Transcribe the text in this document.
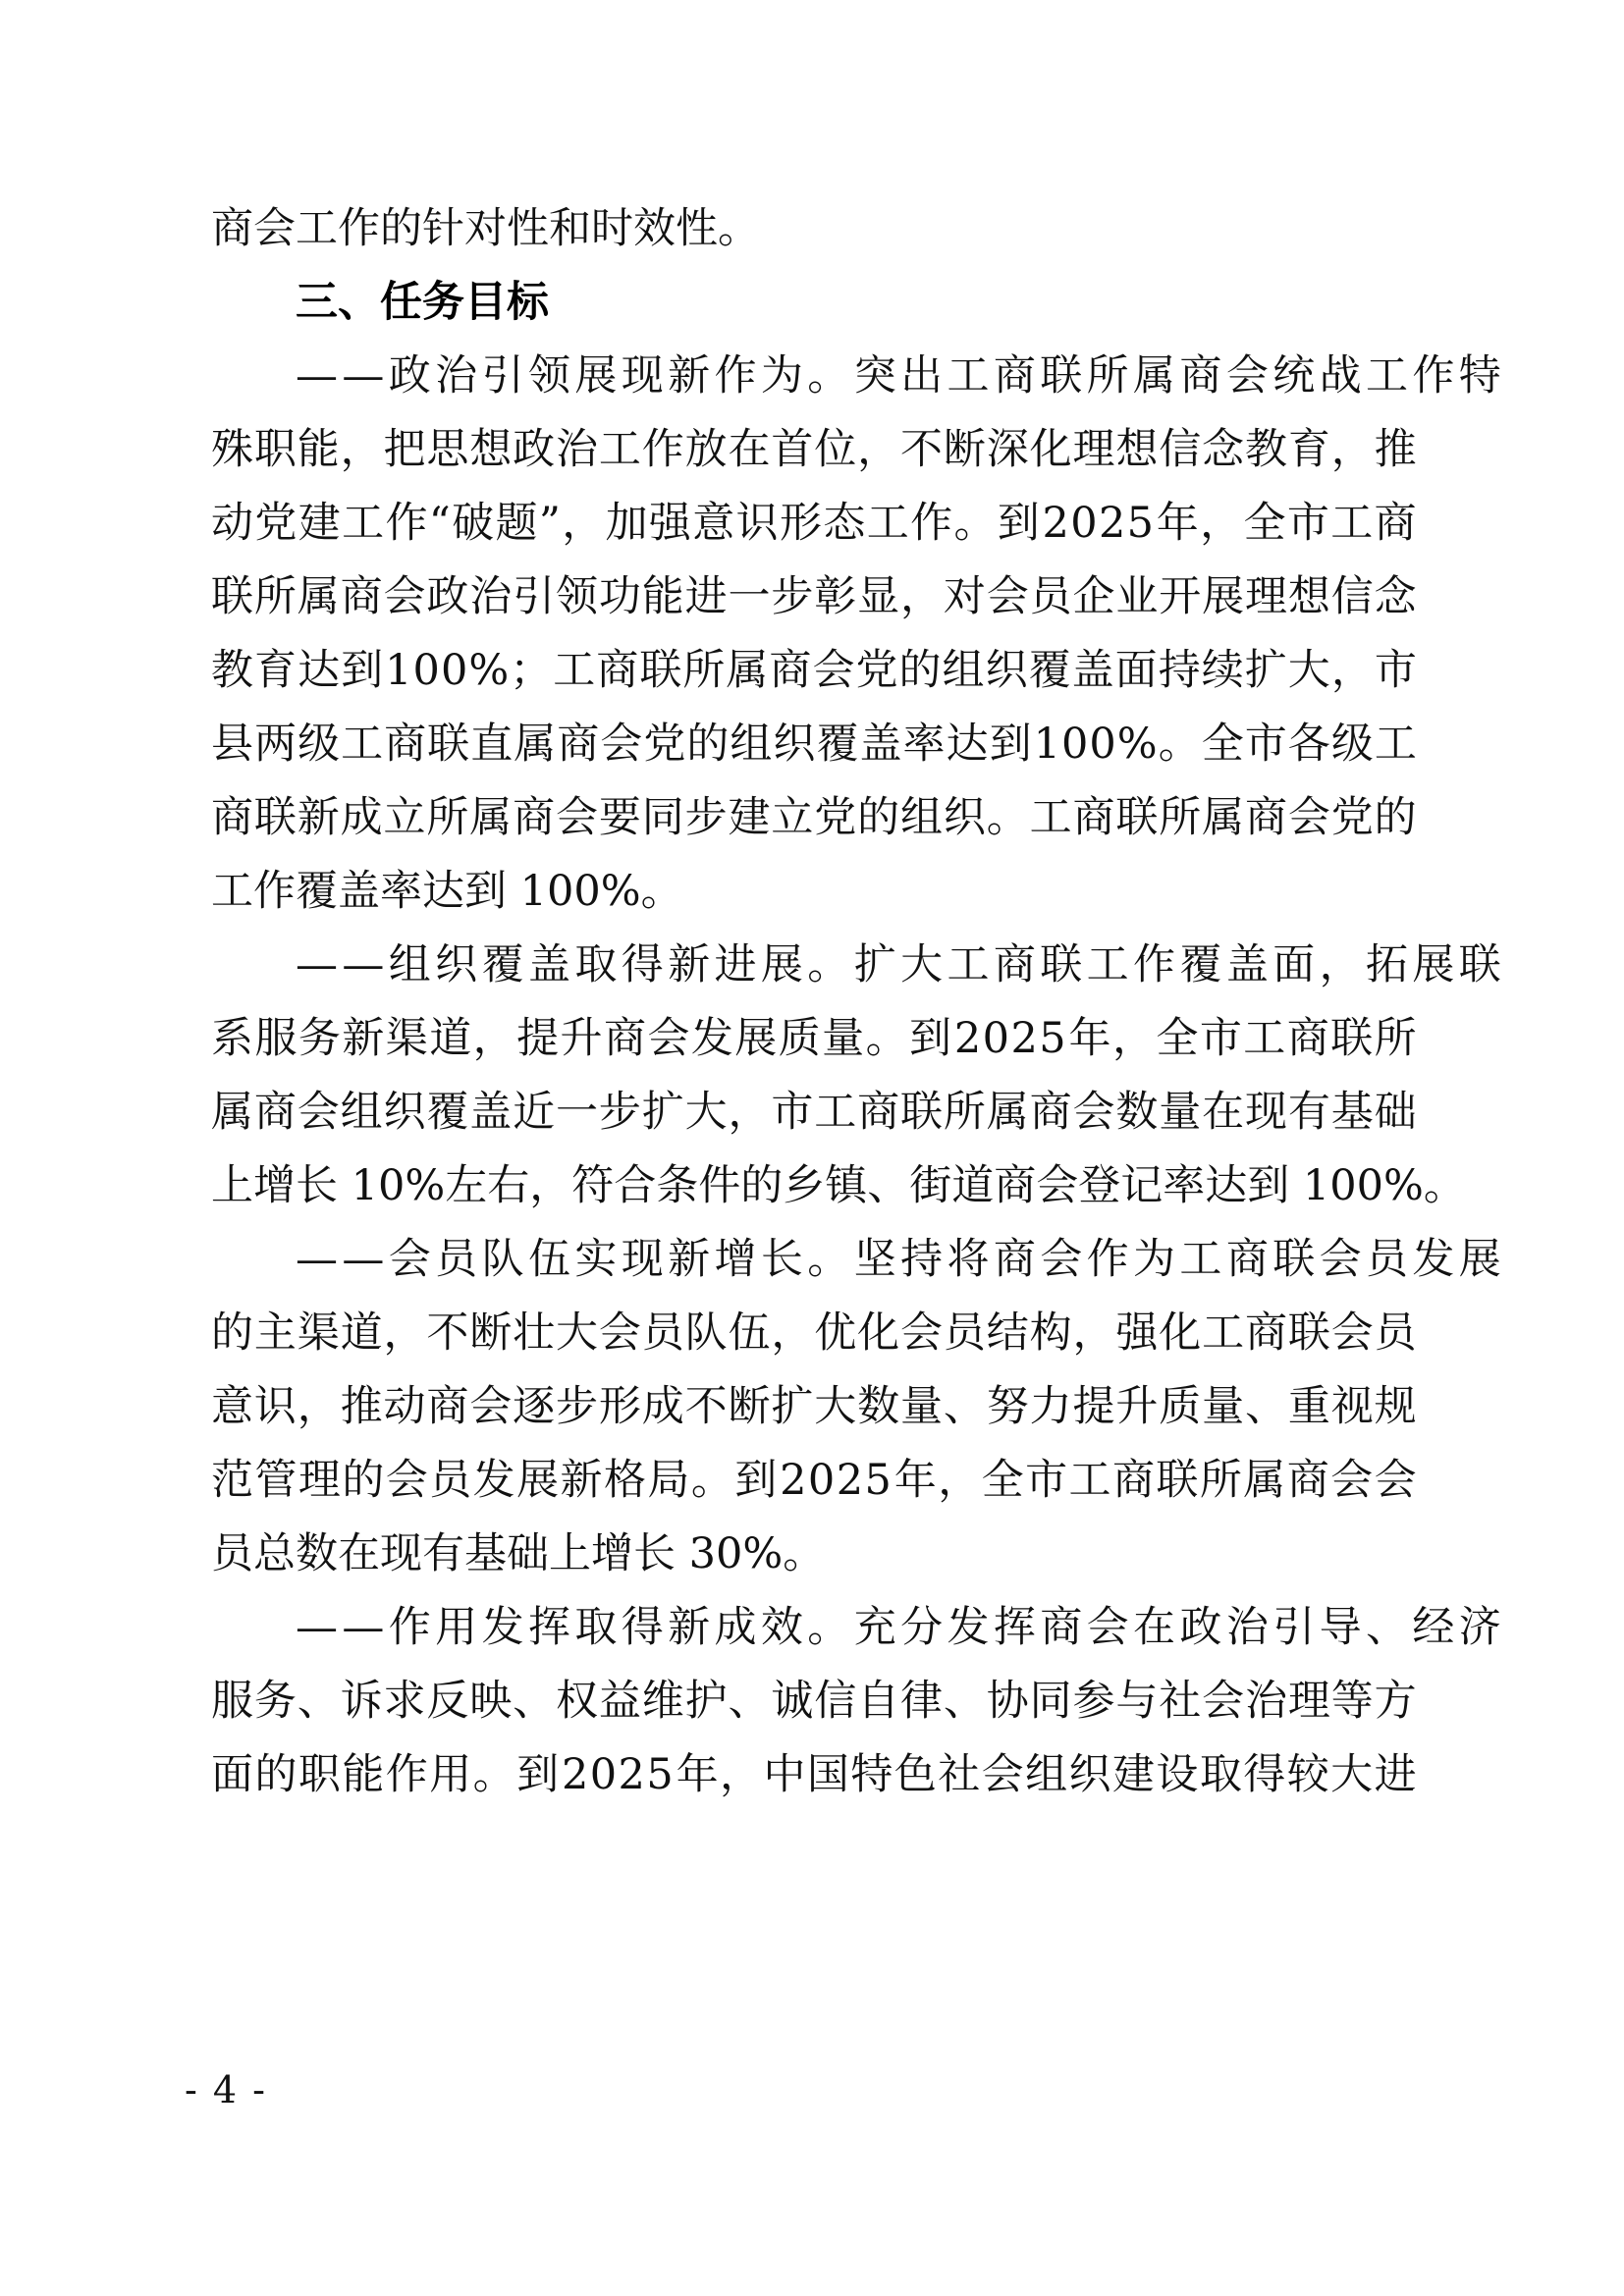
商会工作的针对性和时效性。
三、任务目标
— — 政 治 引 领 展 现 新 作 为 。 突 出 工 商 联 所 属 商 会 统 战 工 作 特
殊 职 能 ， 把 思 想 政 治 工 作 放 在 首 位 ， 不 断 深 化 理 想 信 念 教 育 ， 推
动 党 建 工 作 “ 破 题 ” ， 加 强 意 识 形 态 工 作 。 到 2 0 2 5 年 ， 全 市 工 商
联 所 属 商 会 政 治 引 领 功 能 进 一 步 彰 显 ， 对 会 员 企 业 开 展 理 想 信 念
教 育 达 到 1 0 0 % ； 工 商 联 所 属 商 会 党 的 组 织 覆 盖 面 持 续 扩 大 ， 市
县 两 级 工 商 联 直 属 商 会 党 的 组 织 覆 盖 率 达 到 1 0 0 % 。 全 市 各 级 工
商 联 新 成 立 所 属 商 会 要 同 步 建 立 党 的 组 织 。 工 商 联 所 属 商 会 党 的
工作覆盖率达到 100%。
— — 组 织 覆 盖 取 得 新 进 展 。 扩 大 工 商 联 工 作 覆 盖 面 ， 拓 展 联
系 服 务 新 渠 道 ， 提 升 商 会 发 展 质 量 。 到 2 0 2 5 年 ， 全 市 工 商 联 所
属 商 会 组 织 覆 盖 近 一 步 扩 大 ， 市 工 商 联 所 属 商 会 数 量 在 现 有 基 础
上增长 10%左右，符合条件的乡镇、街道商会登记率达到 100%。
— — 会 员 队 伍 实 现 新 增 长 。 坚 持 将 商 会 作 为 工 商 联 会 员 发 展
的 主 渠 道 ， 不 断 壮 大 会 员 队 伍 ， 优 化 会 员 结 构 ， 强 化 工 商 联 会 员
意 识 ， 推 动 商 会 逐 步 形 成 不 断 扩 大 数 量 、 努 力 提 升 质 量 、 重 视 规
范 管 理 的 会 员 发 展 新 格 局 。 到 2 0 2 5 年 ， 全 市 工 商 联 所 属 商 会 会
员总数在现有基础上增长 30%。
— — 作 用 发 挥 取 得 新 成 效 。 充 分 发 挥 商 会 在 政 治 引 导 、 经 济
服 务 、 诉 求 反 映 、 权 益 维 护 、 诚 信 自 律 、 协 同 参 与 社 会 治 理 等 方
面 的 职 能 作 用 。 到 2 0 2 5 年 ， 中 国 特 色 社 会 组 织 建 设 取 得 较 大 进
- 4 -
